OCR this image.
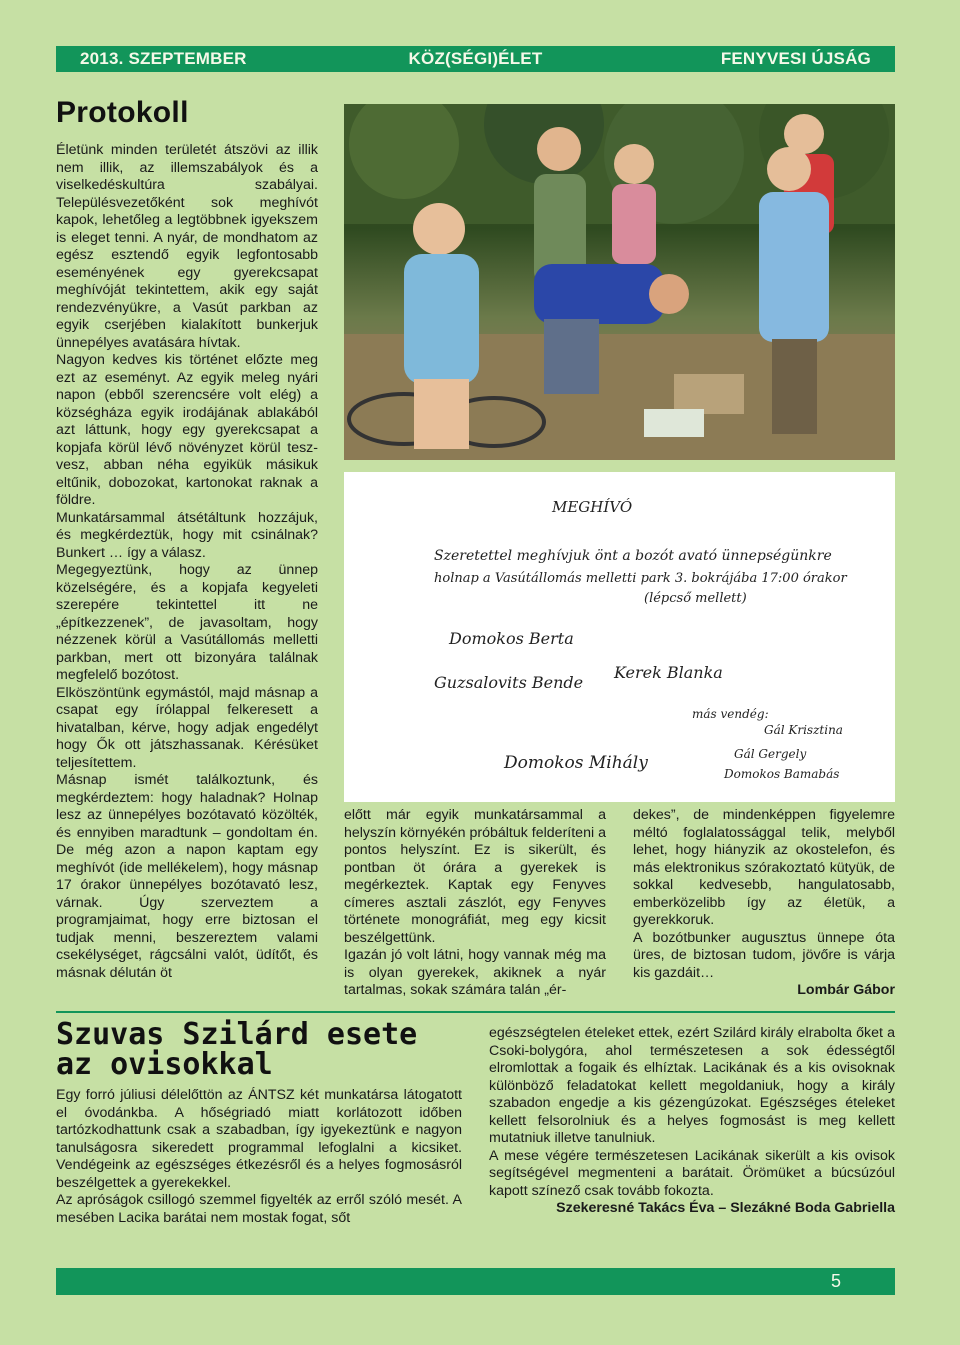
2013. SZEPTEMBER	KÖZ(SÉGI)ÉLET	FENYVESI ÚJSÁG
Protokoll

Életünk minden területét átszövi az illik nem illik, az illemszabályok és a viselkedéskultúra szabályai. Településvezetőként sok meghívót kapok, lehetőleg a legtöbbnek igyekszem is eleget tenni. A nyár, de mondhatom az egész esztendő egyik legfontosabb eseményének egy gyerekcsapat meghívóját tekintettem, akik egy saját rendezvényükre, a Vasút parkban az egyik cserjében kialakított bunkerjuk ünnepélyes avatására hívtak.

Nagyon kedves kis történet előzte meg ezt az eseményt. Az egyik meleg nyári napon (ebből szerencsére volt elég) a községháza egyik irodájának ablakából azt láttunk, hogy egy gyerekcsapat a kopjafa körül lévő növényzet körül tesz-vesz, abban néha egyikük másikuk eltűnik, dobozokat, kartonokat raknak a földre.

Munkatársammal átsétáltunk hozzájuk, és megkérdeztük, hogy mit csinálnak? Bunkert … így a válasz.

Megegyeztünk, hogy az ünnep közelségére, és a kopjafa kegyeleti szerepére tekintettel itt ne „építkezzenek”, de javasoltam, hogy nézzenek körül a Vasútállomás melletti parkban, mert ott bizonyára találnak megfelelő bozótost.

Elköszöntünk egymástól, majd másnap a csapat egy írólappal felkeresett a hivatalban, kérve, hogy adjak engedélyt hogy Ők ott játszhassanak. Kérésüket teljesítettem.

Másnap ismét találkoztunk, és megkérdeztem: hogy haladnak? Holnap lesz az ünnepélyes bozótavató közölték, és ennyiben maradtunk – gondoltam én. De még azon a napon kaptam egy meghívót (ide mellékelem), hogy másnap 17 órakor ünnepélyes bozótavató lesz, várnak. Úgy szerveztem a programjaimat, hogy erre biztosan el tudjak menni, beszereztem valami csekélységet, rágcsálni valót, üdítőt, és másnak délután öt

MEGHÍVÓ
Szeretettel meghívjuk önt a bozót avató ünnepségünkre
holnap a Vasútállomás melletti park 3. bokrájába 17:00 órakor
(lépcső mellett)
Domokos Berta
Guzsalovits Bende
Kerek Blanka
Domokos Mihály
más vendég:
Gál Krisztina
Gál Gergely
Domokos Bamabás

előtt már egyik munkatársammal a helyszín környékén próbáltuk felderíteni a pontos helyszínt. Ez is sikerült, és pontban öt órára a gyerekek is megérkeztek. Kaptak egy Fenyves címeres asztali zászlót, egy Fenyves története monográfiát, meg egy kicsit beszélgettünk.

Igazán jó volt látni, hogy vannak még ma is olyan gyerekek, akiknek a nyár tartalmas, sokak számára talán „ér-

dekes”, de mindenképpen figyelemre méltó foglalatossággal telik, melyből lehet, hogy hiányzik az okostelefon, és más elektronikus szórakoztató kütyük, de sokkal kedvesebb, hangulatosabb, emberközelibb így az életük, a gyerekkoruk.

A bozótbunker augusztus ünnepe óta üres, de biztosan tudom, jövőre is várja kis gazdáit…

Lombár Gábor

Szuvas Szilárd esete az ovisokkal

Egy forró júliusi délelőttön az ÁNTSZ két munkatársa látogatott el óvodánkba. A hőségriadó miatt korlátozott időben tartózkodhattunk csak a szabadban, így igyekeztünk e nagyon tanulságosra sikeredett programmal lefoglalni a kicsiket. Vendégeink az egészséges étkezésről és a helyes fogmosásról beszélgettek a gyerekekkel.

Az apróságok csillogó szemmel figyelték az erről szóló mesét. A mesében Lacika barátai nem mostak fogat, sőt

egészségtelen ételeket ettek, ezért Szilárd király elrabolta őket a Csoki-bolygóra, ahol természetesen a sok édességtől elromlottak a fogaik és elhíztak. Lacikának és a kis ovisoknak különböző feladatokat kellett megoldaniuk, hogy a király szabadon engedje a kis gézengúzokat. Egészséges ételeket kellett felsorolniuk és a helyes fogmosást is meg kellett mutatniuk illetve tanulniuk.

A mese végére természetesen Lacikának sikerült a kis ovisok segítségével megmenteni a barátait. Örömüket a búcsúzóul kapott színező csak tovább fokozta.

Szekeresné Takács Éva – Slezákné Boda Gabriella

5
